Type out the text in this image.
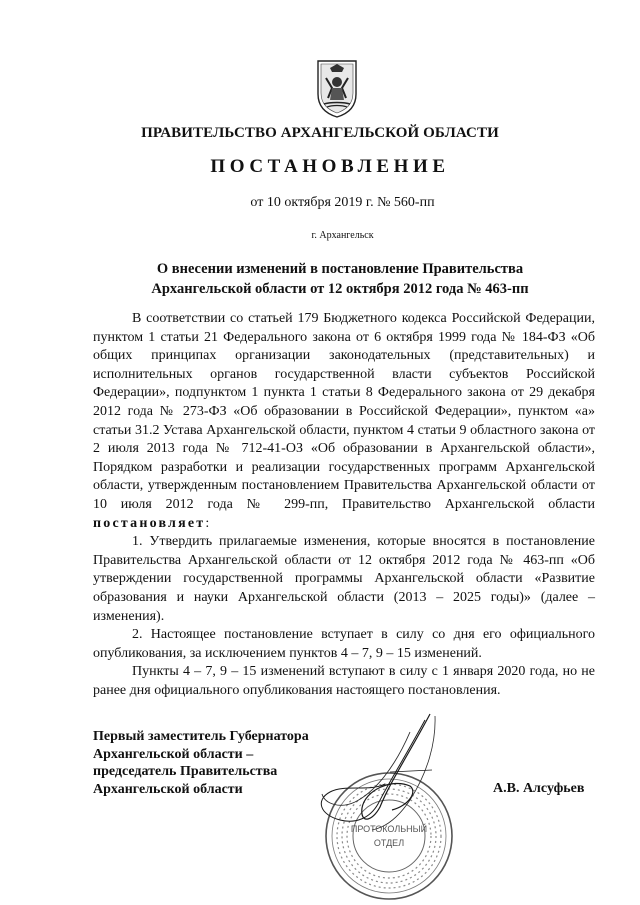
ПРАВИТЕЛЬСТВО АРХАНГЕЛЬСКОЙ ОБЛАСТИ
ПОСТАНОВЛЕНИЕ
от 10 октября 2019 г. № 560-пп
г. Архангельск
О внесении изменений в постановление Правительства
Архангельской области от 12 октября 2012 года № 463-пп

В соответствии со статьей 179 Бюджетного кодекса Российской Федерации, пунктом 1 статьи 21 Федерального закона от 6 октября 1999 года № 184-ФЗ «Об общих принципах организации законодательных (представительных) и исполнительных органов государственной власти субъектов Российской Федерации», подпунктом 1 пункта 1 статьи 8 Федерального закона от 29 декабря 2012 года № 273-ФЗ «Об образовании в Российской Федерации», пунктом «а» статьи 31.2 Устава Архангельской области, пунктом 4 статьи 9 областного закона от 2 июля 2013 года № 712-41-ОЗ «Об образовании в Архангельской области», Порядком разработки и реализации государственных программ Архангельской области, утвержденным постановлением Правительства Архангельской области от 10 июля 2012 года № 299-пп, Правительство Архангельской области постановляет:

1. Утвердить прилагаемые изменения, которые вносятся в постановление Правительства Архангельской области от 12 октября 2012 года № 463-пп «Об утверждении государственной программы Архангельской области «Развитие образования и науки Архангельской области (2013 – 2025 годы)» (далее – изменения).

2. Настоящее постановление вступает в силу со дня его официального опубликования, за исключением пунктов 4 – 7, 9 – 15 изменений.

Пункты 4 – 7, 9 – 15 изменений вступают в силу с 1 января 2020 года, но не ранее дня официального опубликования настоящего постановления.

Первый заместитель Губернатора
Архангельской области –
председатель Правительства
Архангельской области	А.В. Алсуфьев
ПРОТОКОЛЬНЫЙ
ОТДЕЛ
